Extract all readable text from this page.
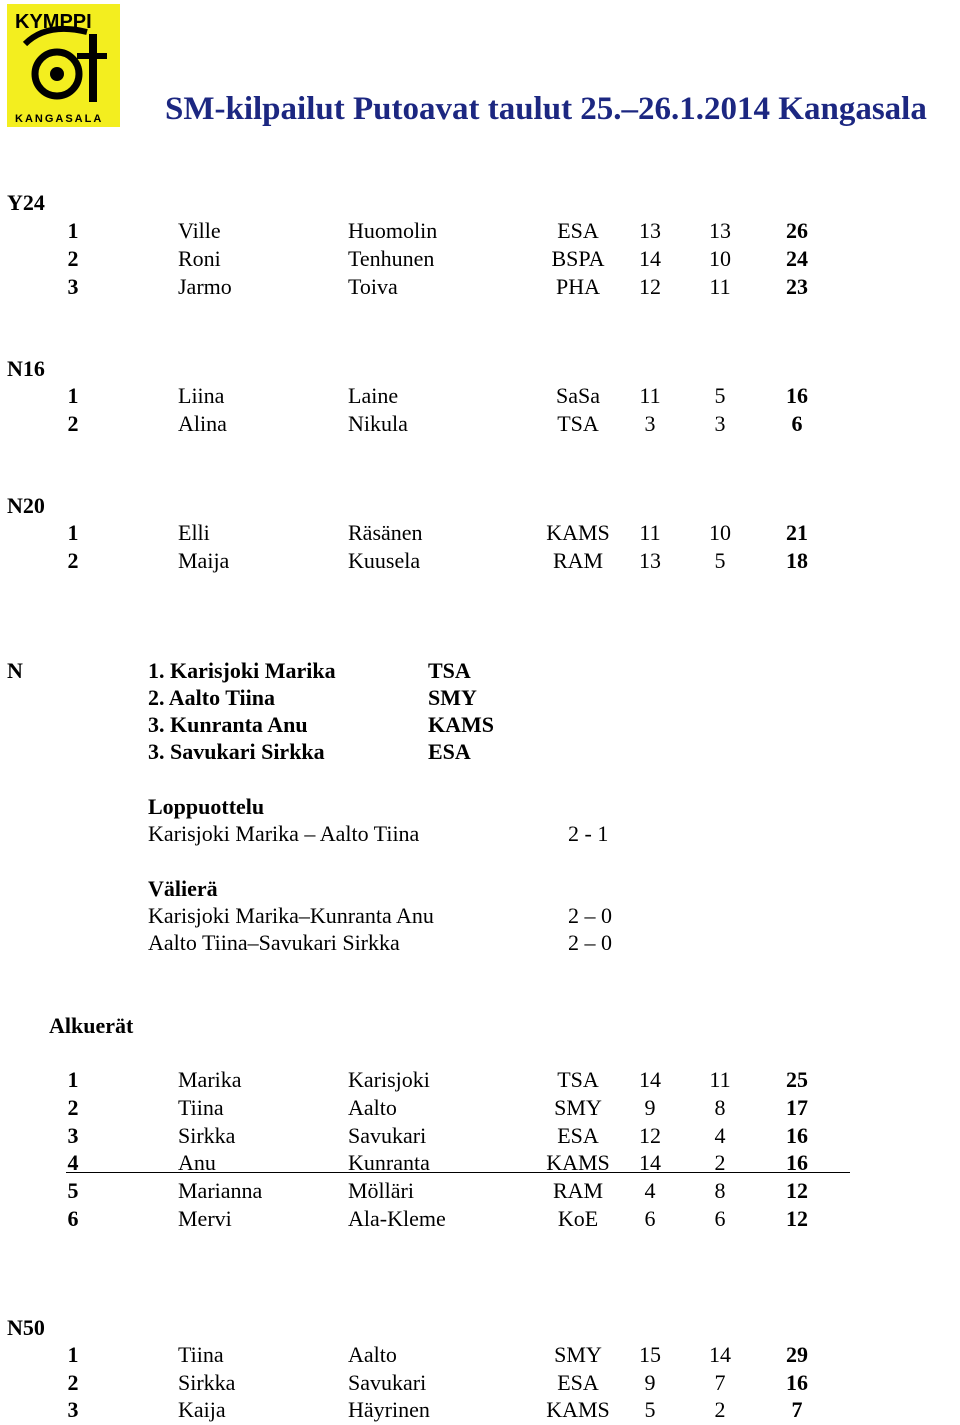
KYMPPI
KANGASALA SM-kilpailut Putoavat taulut 25.–26.1.2014 Kangasala
Y24
1	Ville	Huomolin	ESA	13	13	26
2	Roni	Tenhunen	BSPA	14	10	24
3	Jarmo	Toiva	PHA	12	11	23
N16
1	Liina	Laine	SaSa	11	5	16
2	Alina	Nikula	TSA	3	3	6
N20
1	Elli	Räsänen	KAMS	11	10	21
2	Maija	Kuusela	RAM	13	5	18
N	1. Karisjoki Marika	TSA
2. Aalto Tiina	SMY
3. Kunranta Anu	KAMS
3. Savukari Sirkka	ESA
Loppuottelu
Karisjoki Marika – Aalto Tiina	2 - 1
Välierä
Karisjoki Marika–Kunranta Anu	2 – 0
Aalto Tiina–Savukari Sirkka	2 – 0
Alkuerät
1	Marika	Karisjoki	TSA	14	11	25
2	Tiina	Aalto	SMY	9	8	17
3	Sirkka	Savukari	ESA	12	4	16
4	Anu	Kunranta	KAMS	14	2	16
5	Marianna	Mölläri	RAM	4	8	12
6	Mervi	Ala-Kleme	KoE	6	6	12
N50
1	Tiina	Aalto	SMY	15	14	29
2	Sirkka	Savukari	ESA	9	7	16
3	Kaija	Häyrinen	KAMS	5	2	7
